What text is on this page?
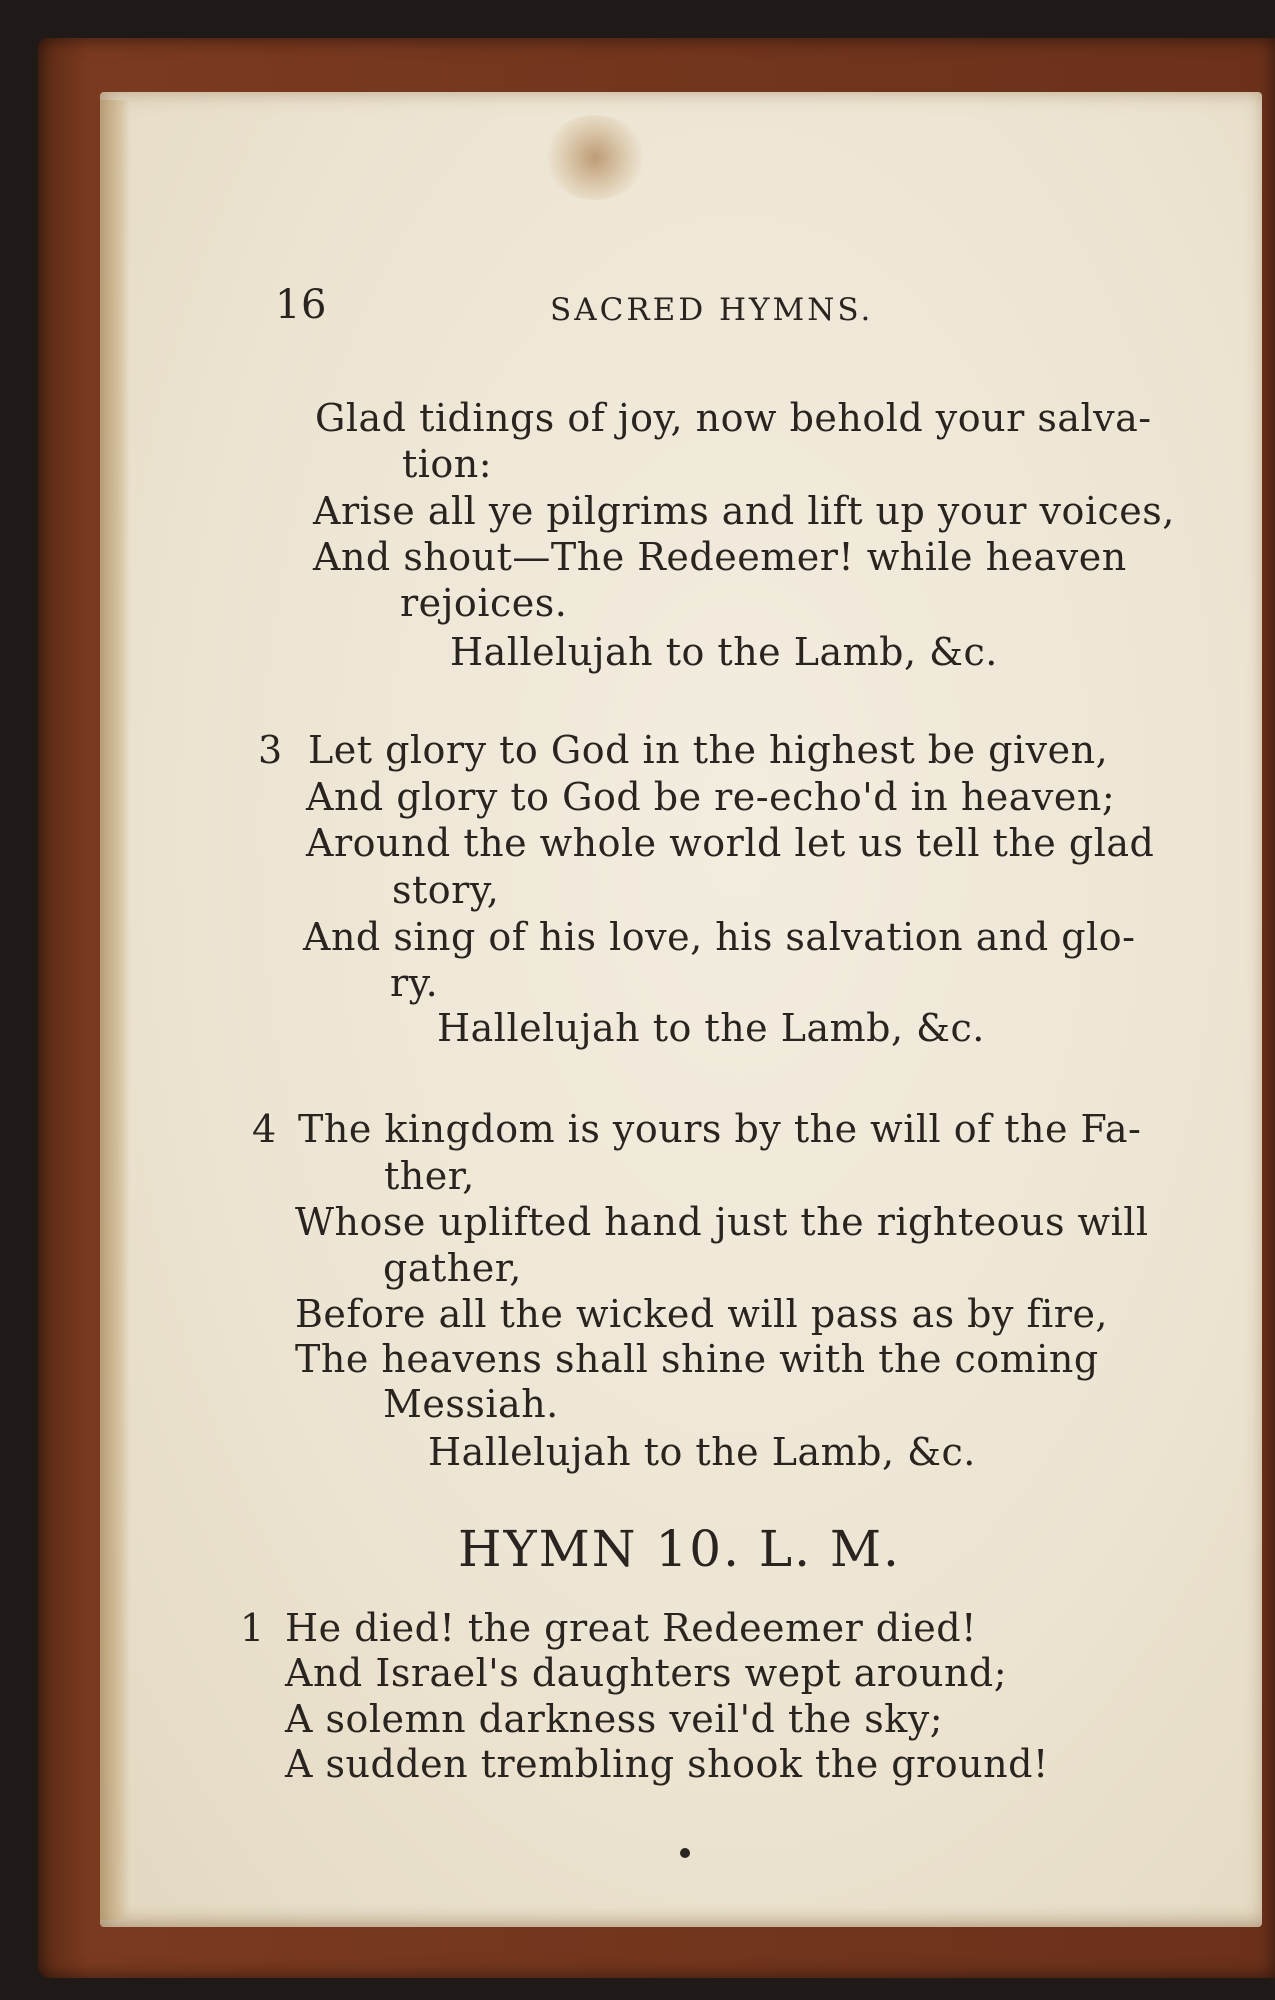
16	SACRED HYMNS.
Glad tidings of joy, now behold your salva-
tion:
Arise all ye pilgrims and lift up your voices,
And shout—The Redeemer! while heaven
rejoices.
Hallelujah to the Lamb, &c.
3 Let glory to God in the highest be given,
And glory to God be re-echo'd in heaven;
Around the whole world let us tell the glad
story,
And sing of his love, his salvation and glo-
ry.
Hallelujah to the Lamb, &c.
4 The kingdom is yours by the will of the Fa-
ther,
Whose uplifted hand just the righteous will
gather,
Before all the wicked will pass as by fire,
The heavens shall shine with the coming
Messiah.
Hallelujah to the Lamb, &c.
HYMN 10. L. M.
1 He died! the great Redeemer died!
And Israel's daughters wept around;
A solemn darkness veil'd the sky;
A sudden trembling shook the ground!
